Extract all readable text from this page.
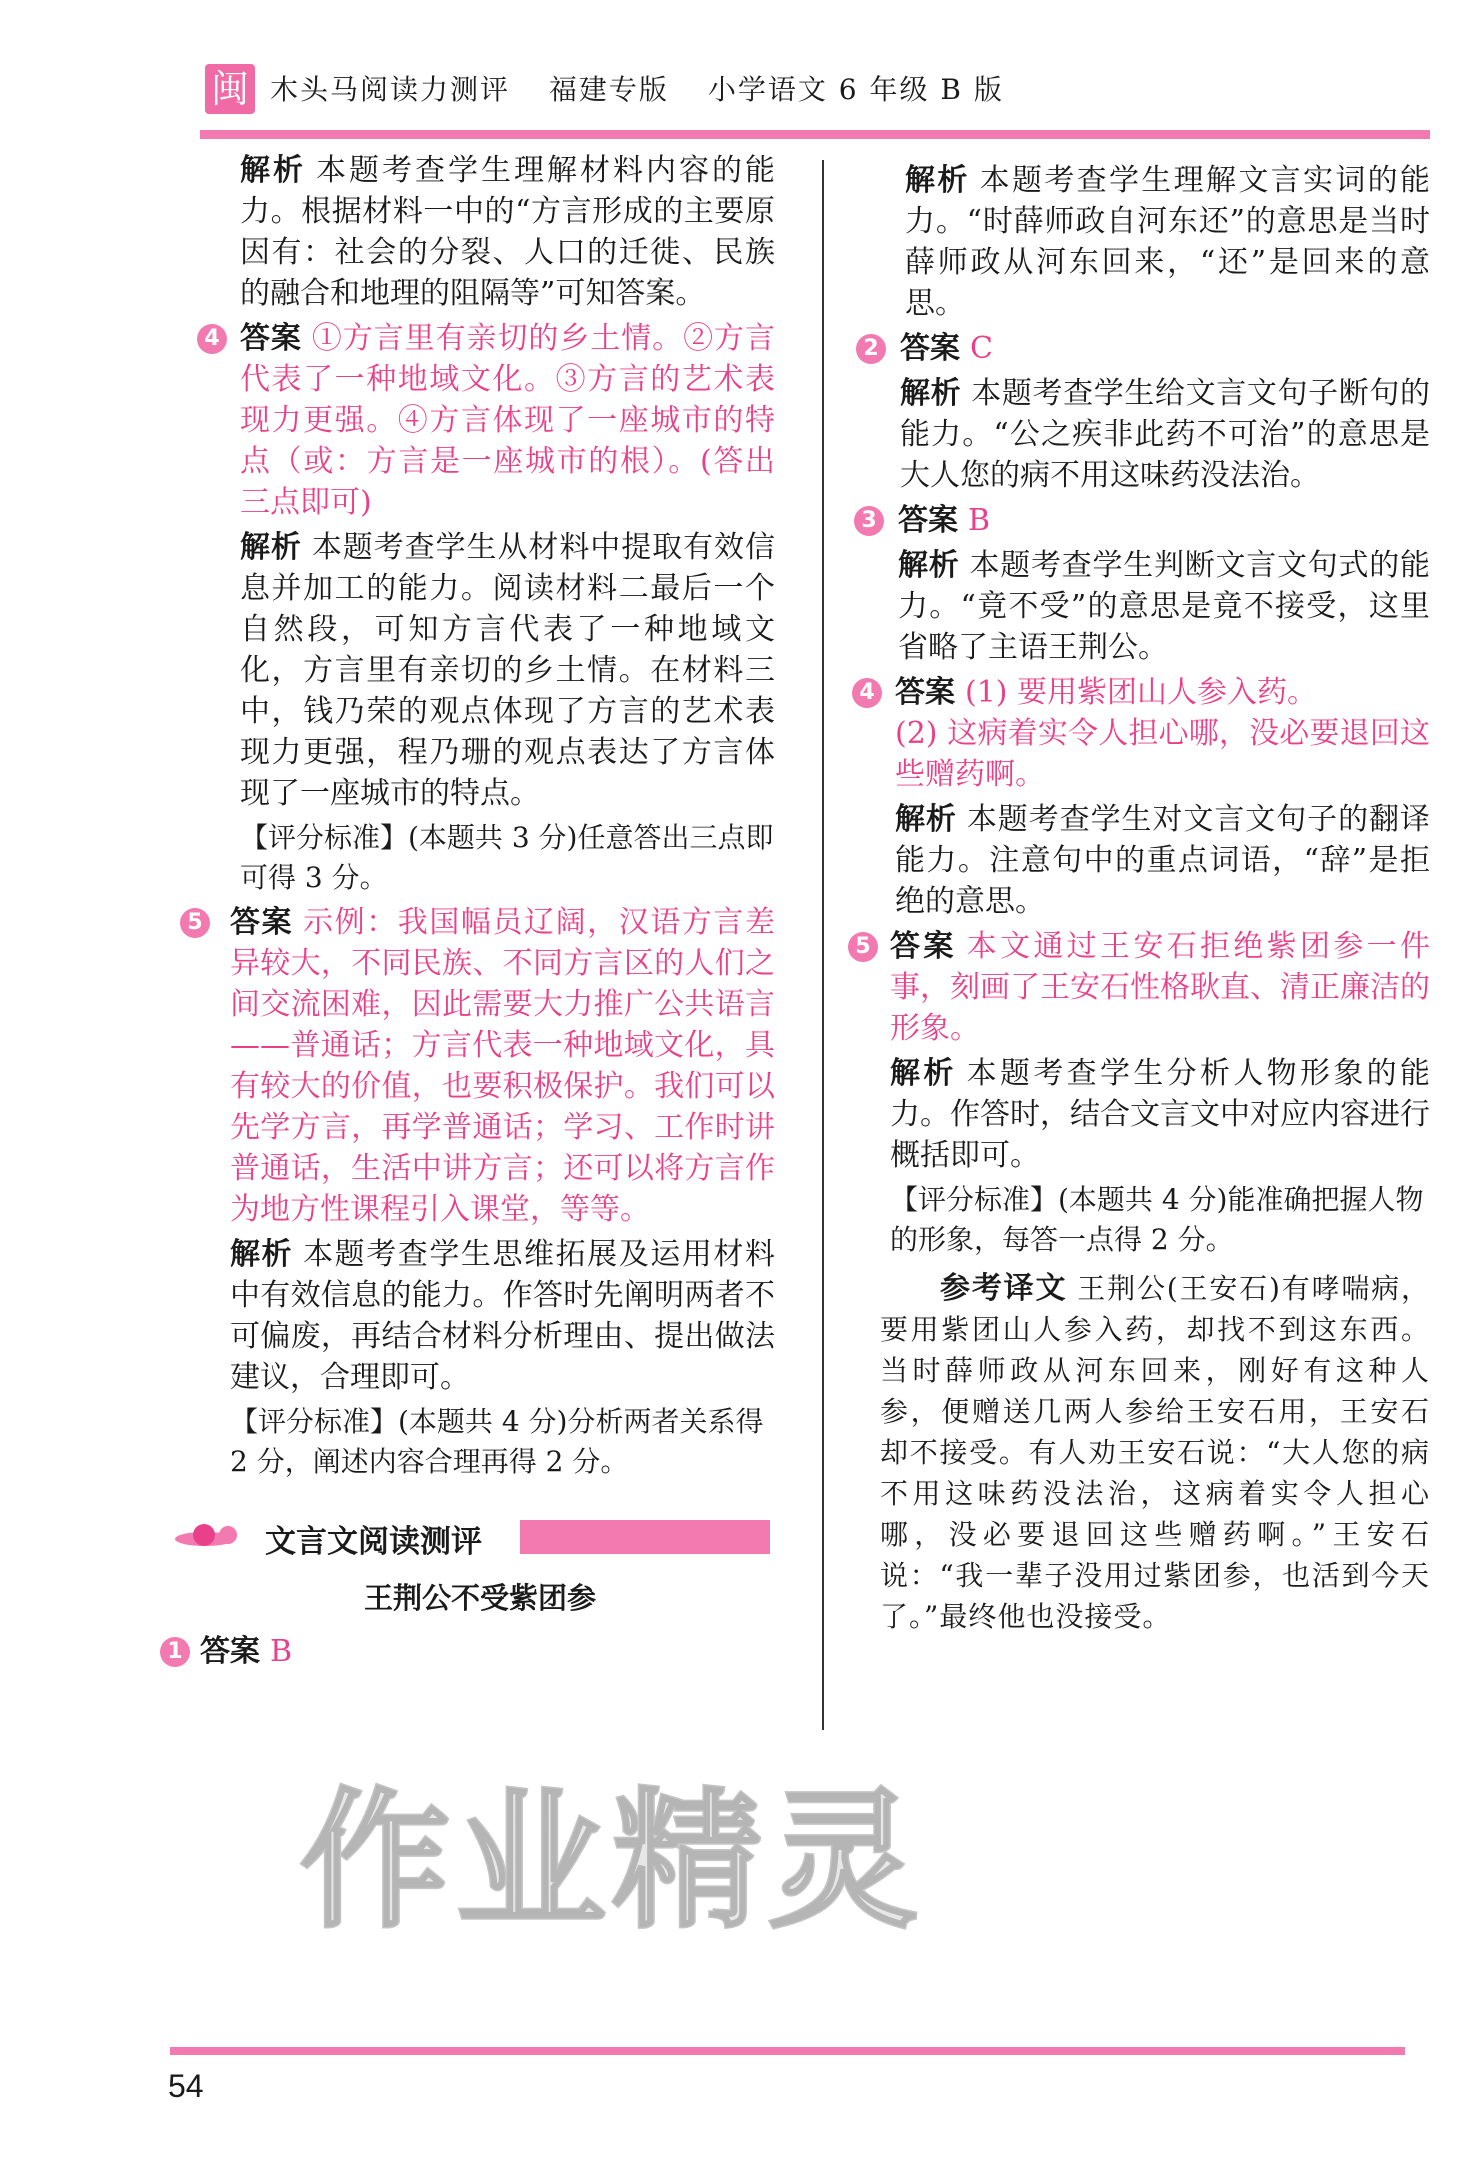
闽 木头马阅读力测评 福建专版 小学语文 6 年级 B 版

解析 本题考查学生理解材料内容的能力。根据材料一中的“方言形成的主要原因有：社会的分裂、人口的迁徙、民族的融合和地理的阻隔等”可知答案。

4 答案 ①方言里有亲切的乡土情。②方言代表了一种地域文化。③方言的艺术表现力更强。④方言体现了一座城市的特点（或：方言是一座城市的根）。(答出三点即可)

解析 本题考查学生从材料中提取有效信息并加工的能力。阅读材料二最后一个自然段，可知方言代表了一种地域文化，方言里有亲切的乡土情。在材料三中，钱乃荣的观点体现了方言的艺术表现力更强，程乃珊的观点表达了方言体现了一座城市的特点。

【评分标准】(本题共 3 分)任意答出三点即可得 3 分。

5 答案 示例：我国幅员辽阔，汉语方言差异较大，不同民族、不同方言区的人们之间交流困难，因此需要大力推广公共语言——普通话；方言代表一种地域文化，具有较大的价值，也要积极保护。我们可以先学方言，再学普通话；学习、工作时讲普通话，生活中讲方言；还可以将方言作为地方性课程引入课堂，等等。

解析 本题考查学生思维拓展及运用材料中有效信息的能力。作答时先阐明两者不可偏废，再结合材料分析理由、提出做法建议，合理即可。

【评分标准】(本题共 4 分)分析两者关系得 2 分，阐述内容合理再得 2 分。

文言文阅读测评
王荆公不受紫团参
1 答案 B

解析 本题考查学生理解文言实词的能力。“时薛师政自河东还”的意思是当时薛师政从河东回来，“还”是回来的意思。

2 答案 C

解析 本题考查学生给文言文句子断句的能力。“公之疾非此药不可治”的意思是大人您的病不用这味药没法治。

3 答案 B

解析 本题考查学生判断文言文句式的能力。“竟不受”的意思是竟不接受，这里省略了主语王荆公。

4 答案 (1) 要用紫团山人参入药。
(2) 这病着实令人担心哪，没必要退回这些赠药啊。

解析 本题考查学生对文言文句子的翻译能力。注意句中的重点词语，“辞”是拒绝的意思。

5 答案 本文通过王安石拒绝紫团参一件事，刻画了王安石性格耿直、清正廉洁的形象。

解析 本题考查学生分析人物形象的能力。作答时，结合文言文中对应内容进行概括即可。

【评分标准】(本题共 4 分)能准确把握人物的形象，每答一点得 2 分。

参考译文 王荆公(王安石)有哮喘病，要用紫团山人参入药，却找不到这东西。当时薛师政从河东回来，刚好有这种人参，便赠送几两人参给王安石用，王安石却不接受。有人劝王安石说：“大人您的病不用这味药没法治，这病着实令人担心哪，没必要退回这些赠药啊。”王安石说：“我一辈子没用过紫团参，也活到今天了。”最终他也没接受。

作业精灵
54
